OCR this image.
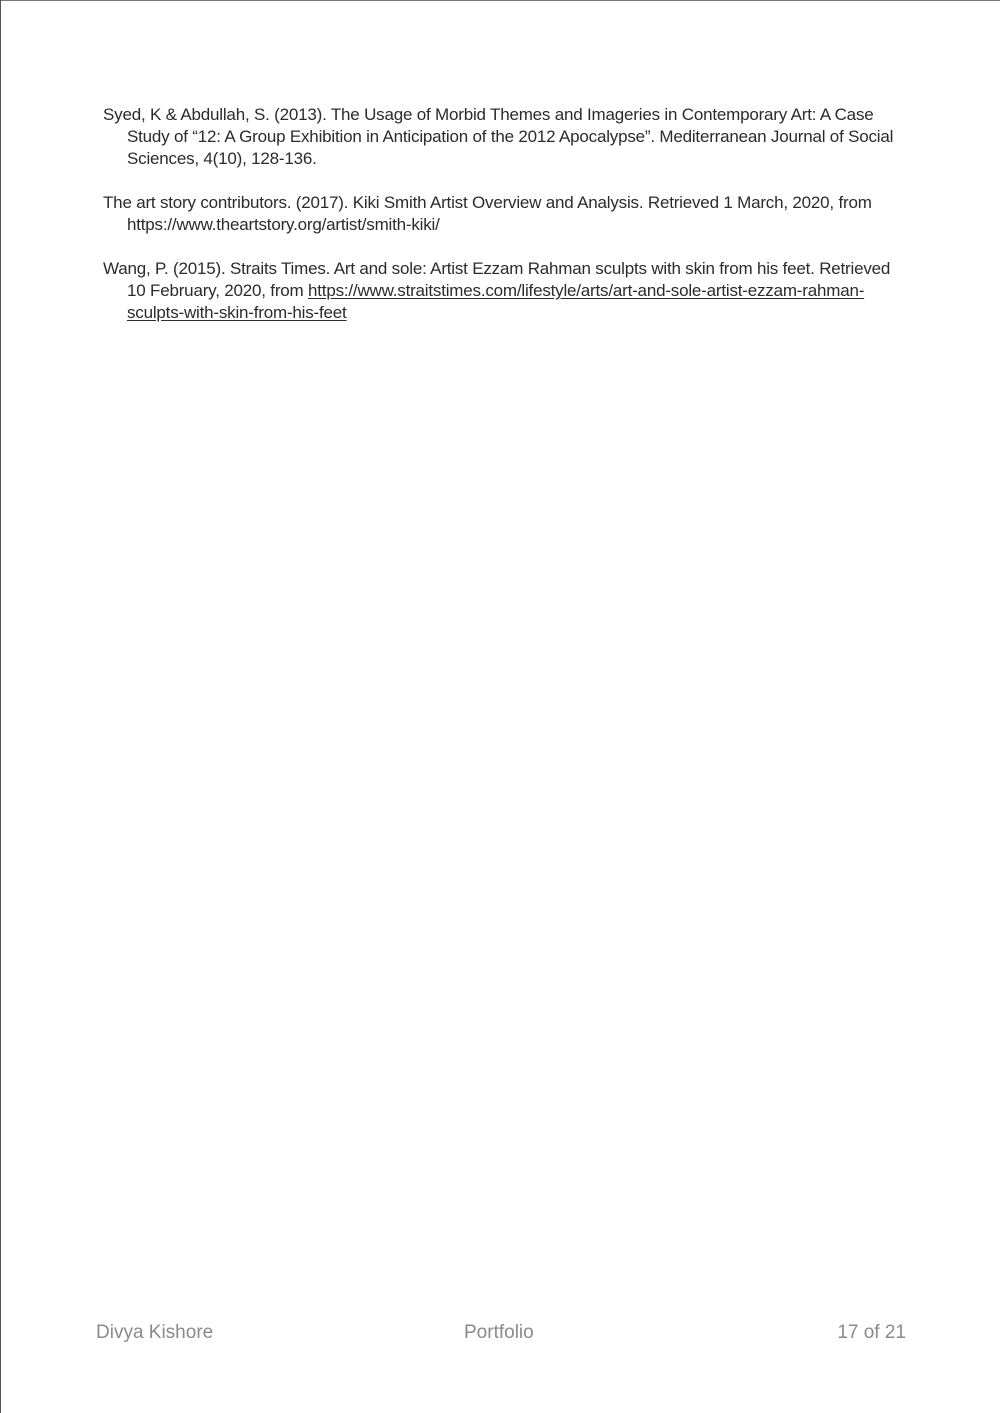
Syed, K & Abdullah, S. (2013). The Usage of Morbid Themes and Imageries in Contemporary Art: A Case Study of “12: A Group Exhibition in Anticipation of the 2012 Apocalypse”. Mediterranean Journal of Social Sciences, 4(10), 128-136.

The art story contributors. (2017). Kiki Smith Artist Overview and Analysis. Retrieved 1 March, 2020, from https://www.theartstory.org/artist/smith-kiki/

Wang, P. (2015). Straits Times. Art and sole: Artist Ezzam Rahman sculpts with skin from his feet. Retrieved 10 February, 2020, from https://www.straitstimes.com/lifestyle/arts/art-and-sole-artist-ezzam-rahman-sculpts-with-skin-from-his-feet

Divya Kishore	Portfolio	17 of 21
